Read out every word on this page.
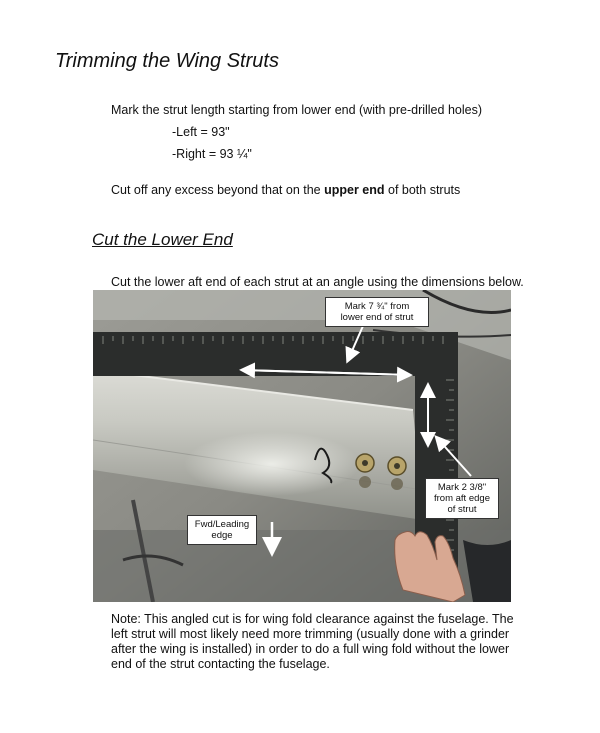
Trimming the Wing Struts
Mark the strut length starting from lower end (with pre-drilled holes)
-Left = 93"
-Right = 93 ¼"
Cut off any excess beyond that on the upper end of both struts
Cut the Lower End
Cut the lower aft end of each strut at an angle using the dimensions below.
Mark 7 ¾" from
lower end of strut
Mark 2 3/8"
from aft edge
of strut
Fwd/Leading
edge
Note: This angled cut is for wing fold clearance against the fuselage. The left strut will most likely need more trimming (usually done with a grinder after the wing is installed) in order to do a full wing fold without the lower end of the strut contacting the fuselage.
